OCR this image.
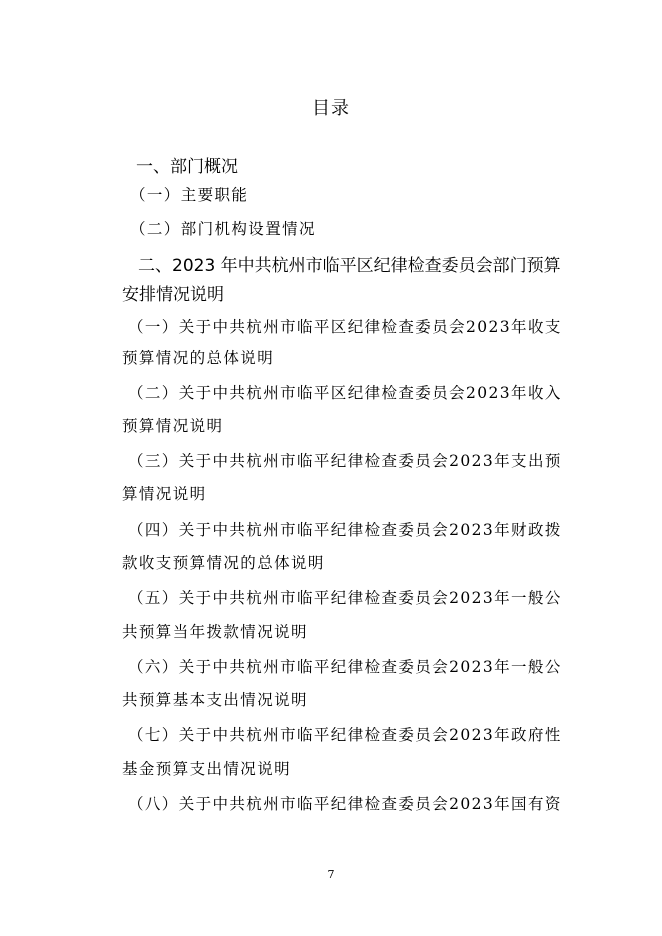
目录
一、部门概况
（一）主要职能
（二）部门机构设置情况
二、2023 年中共杭州市临平区纪律检查委员会部门预算
安排情况说明
（一）关于中共杭州市临平区纪律检查委员会2023年收支
预算情况的总体说明
（二）关于中共杭州市临平区纪律检查委员会2023年收入
预算情况说明
（三）关于中共杭州市临平纪律检查委员会2023年支出预
算情况说明
（四）关于中共杭州市临平纪律检查委员会2023年财政拨
款收支预算情况的总体说明
（五）关于中共杭州市临平纪律检查委员会2023年一般公
共预算当年拨款情况说明
（六）关于中共杭州市临平纪律检查委员会2023年一般公
共预算基本支出情况说明
（七）关于中共杭州市临平纪律检查委员会2023年政府性
基金预算支出情况说明
（八）关于中共杭州市临平纪律检查委员会2023年国有资
7
